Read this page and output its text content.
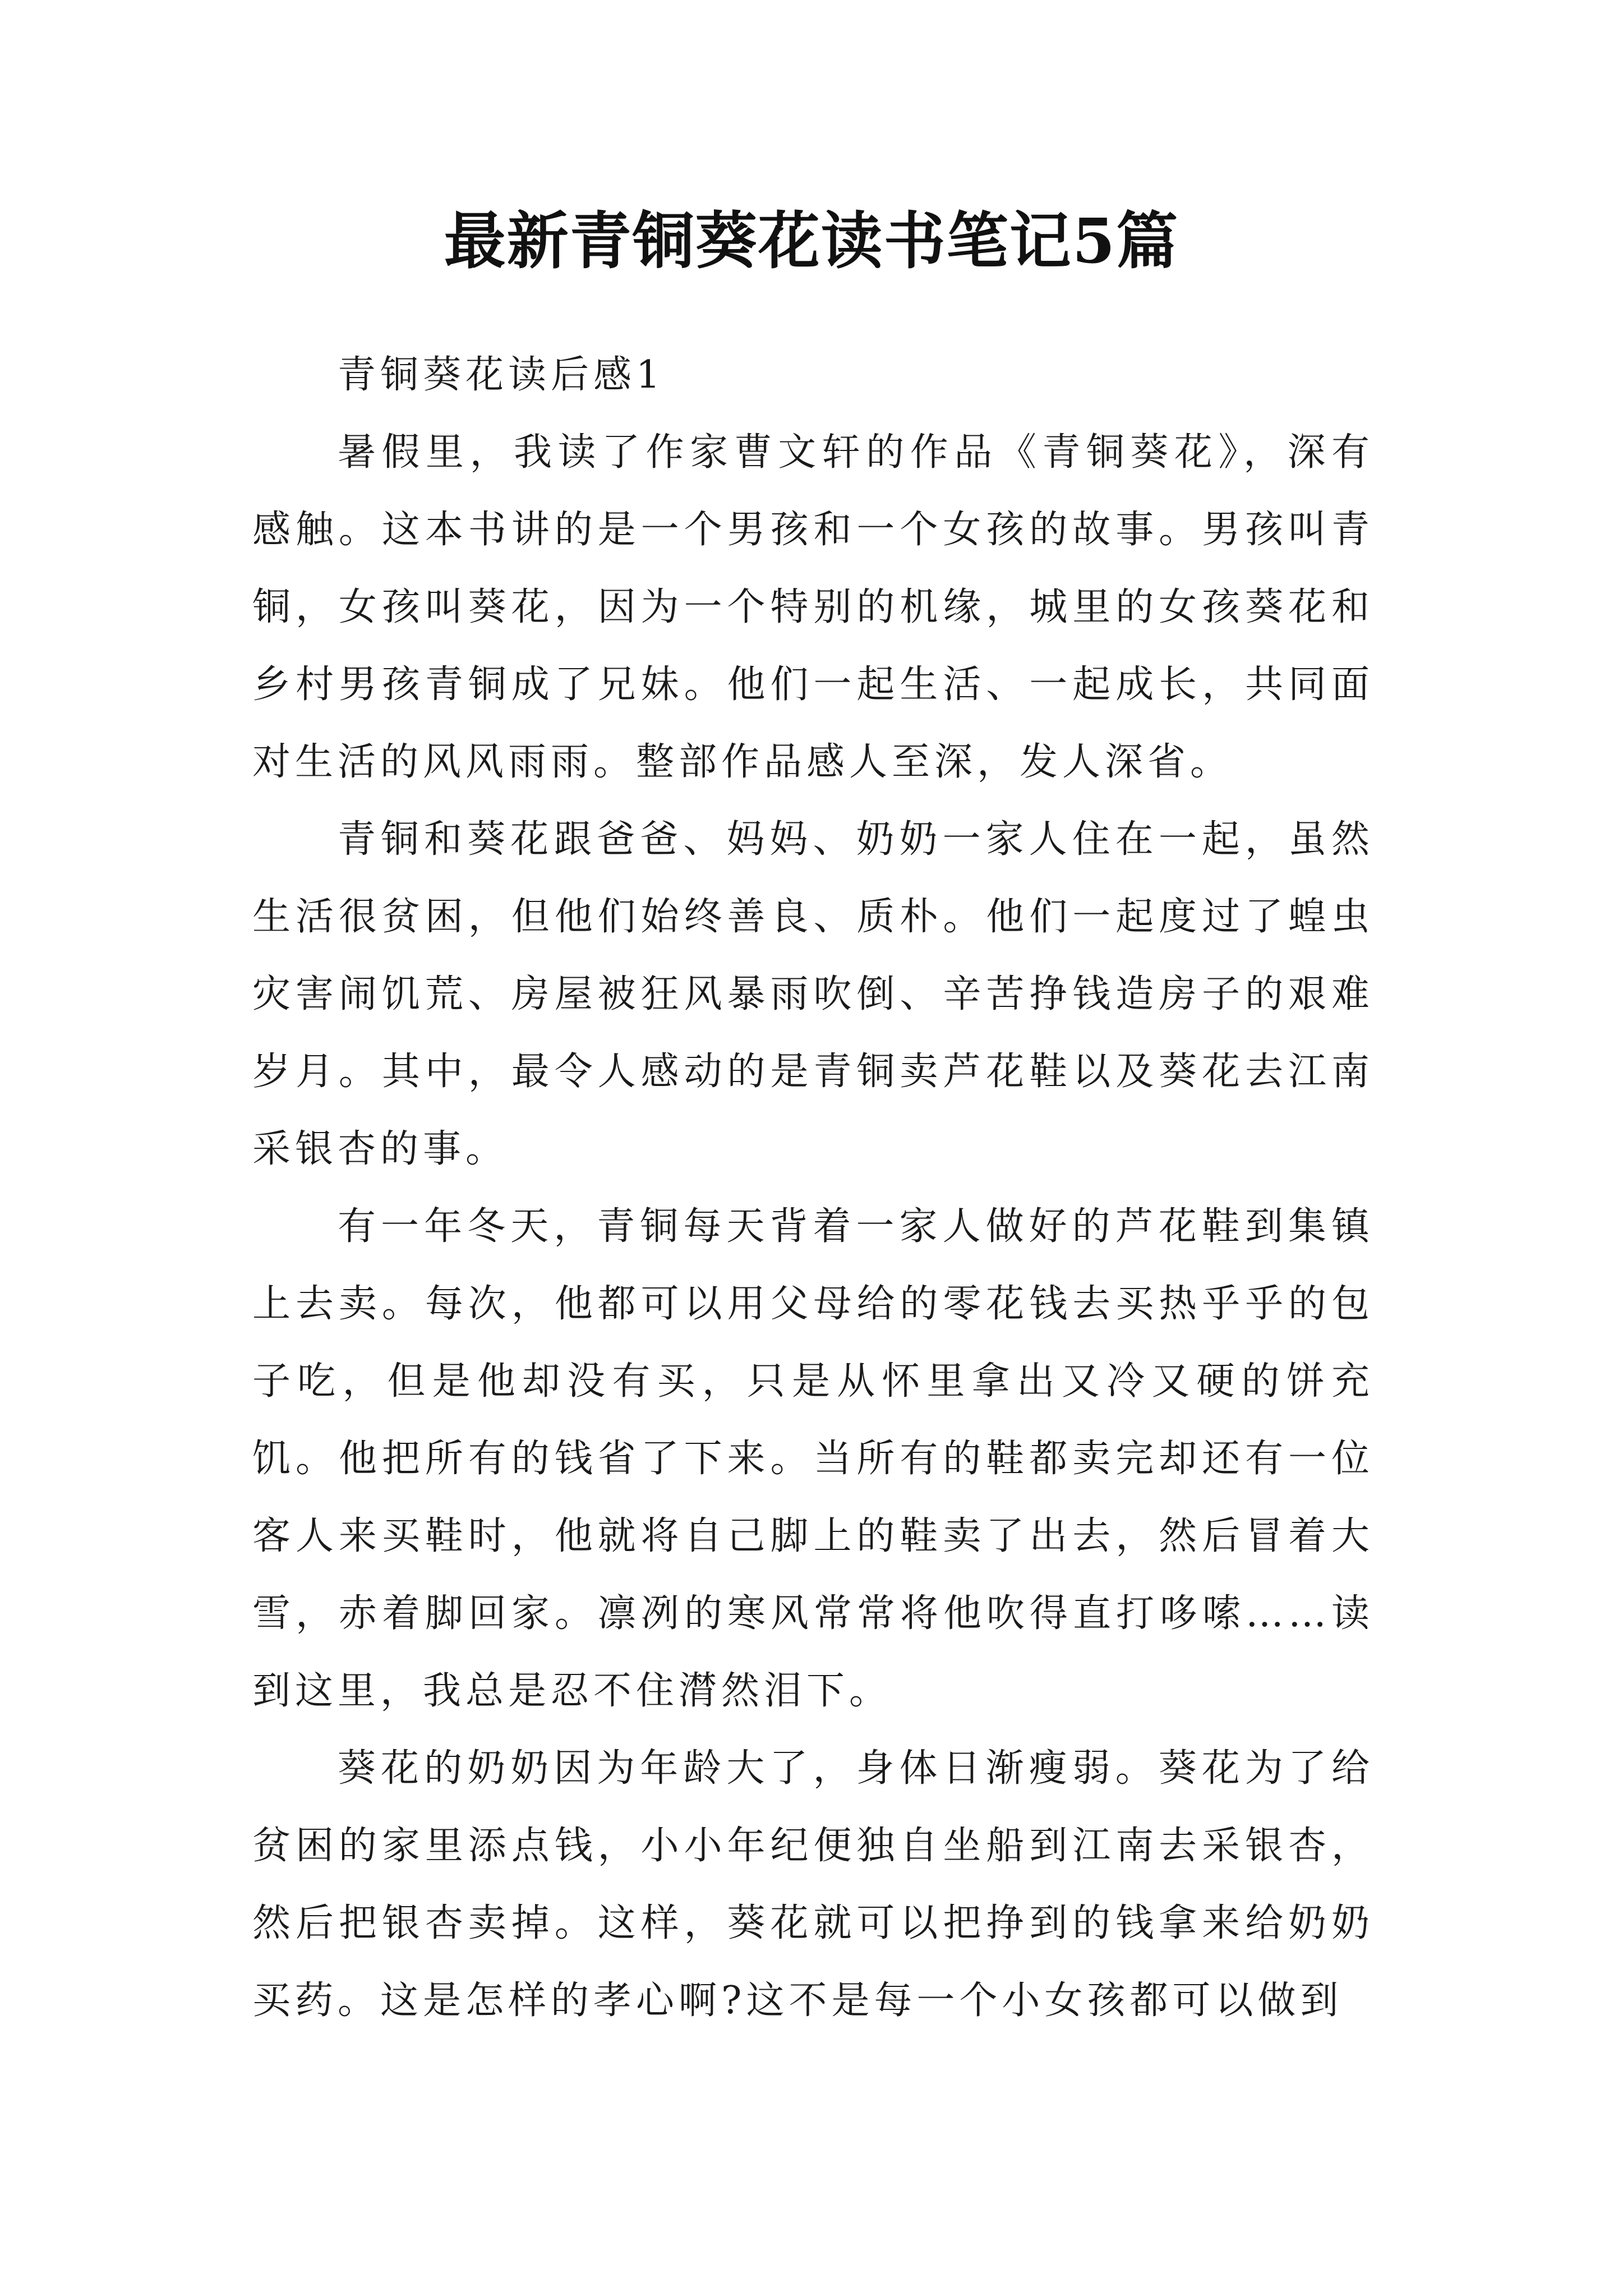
最新青铜葵花读书笔记5篇

青铜葵花读后感1

暑假里，我读了作家曹文轩的作品《青铜葵花》，深有感触。这本书讲的是一个男孩和一个女孩的故事。男孩叫青铜，女孩叫葵花，因为一个特别的机缘，城里的女孩葵花和乡村男孩青铜成了兄妹。他们一起生活、一起成长，共同面对生活的风风雨雨。整部作品感人至深，发人深省。

青铜和葵花跟爸爸、妈妈、奶奶一家人住在一起，虽然生活很贫困，但他们始终善良、质朴。他们一起度过了蝗虫灾害闹饥荒、房屋被狂风暴雨吹倒、辛苦挣钱造房子的艰难岁月。其中，最令人感动的是青铜卖芦花鞋以及葵花去江南采银杏的事。

有一年冬天，青铜每天背着一家人做好的芦花鞋到集镇上去卖。每次，他都可以用父母给的零花钱去买热乎乎的包子吃，但是他却没有买，只是从怀里拿出又冷又硬的饼充饥。他把所有的钱省了下来。当所有的鞋都卖完却还有一位客人来买鞋时，他就将自己脚上的鞋卖了出去，然后冒着大雪，赤着脚回家。凛冽的寒风常常将他吹得直打哆嗦……读到这里，我总是忍不住潸然泪下。

葵花的奶奶因为年龄大了，身体日渐瘦弱。葵花为了给贫困的家里添点钱，小小年纪便独自坐船到江南去采银杏，然后把银杏卖掉。这样，葵花就可以把挣到的钱拿来给奶奶买药。这是怎样的孝心啊?这不是每一个小女孩都可以做到
